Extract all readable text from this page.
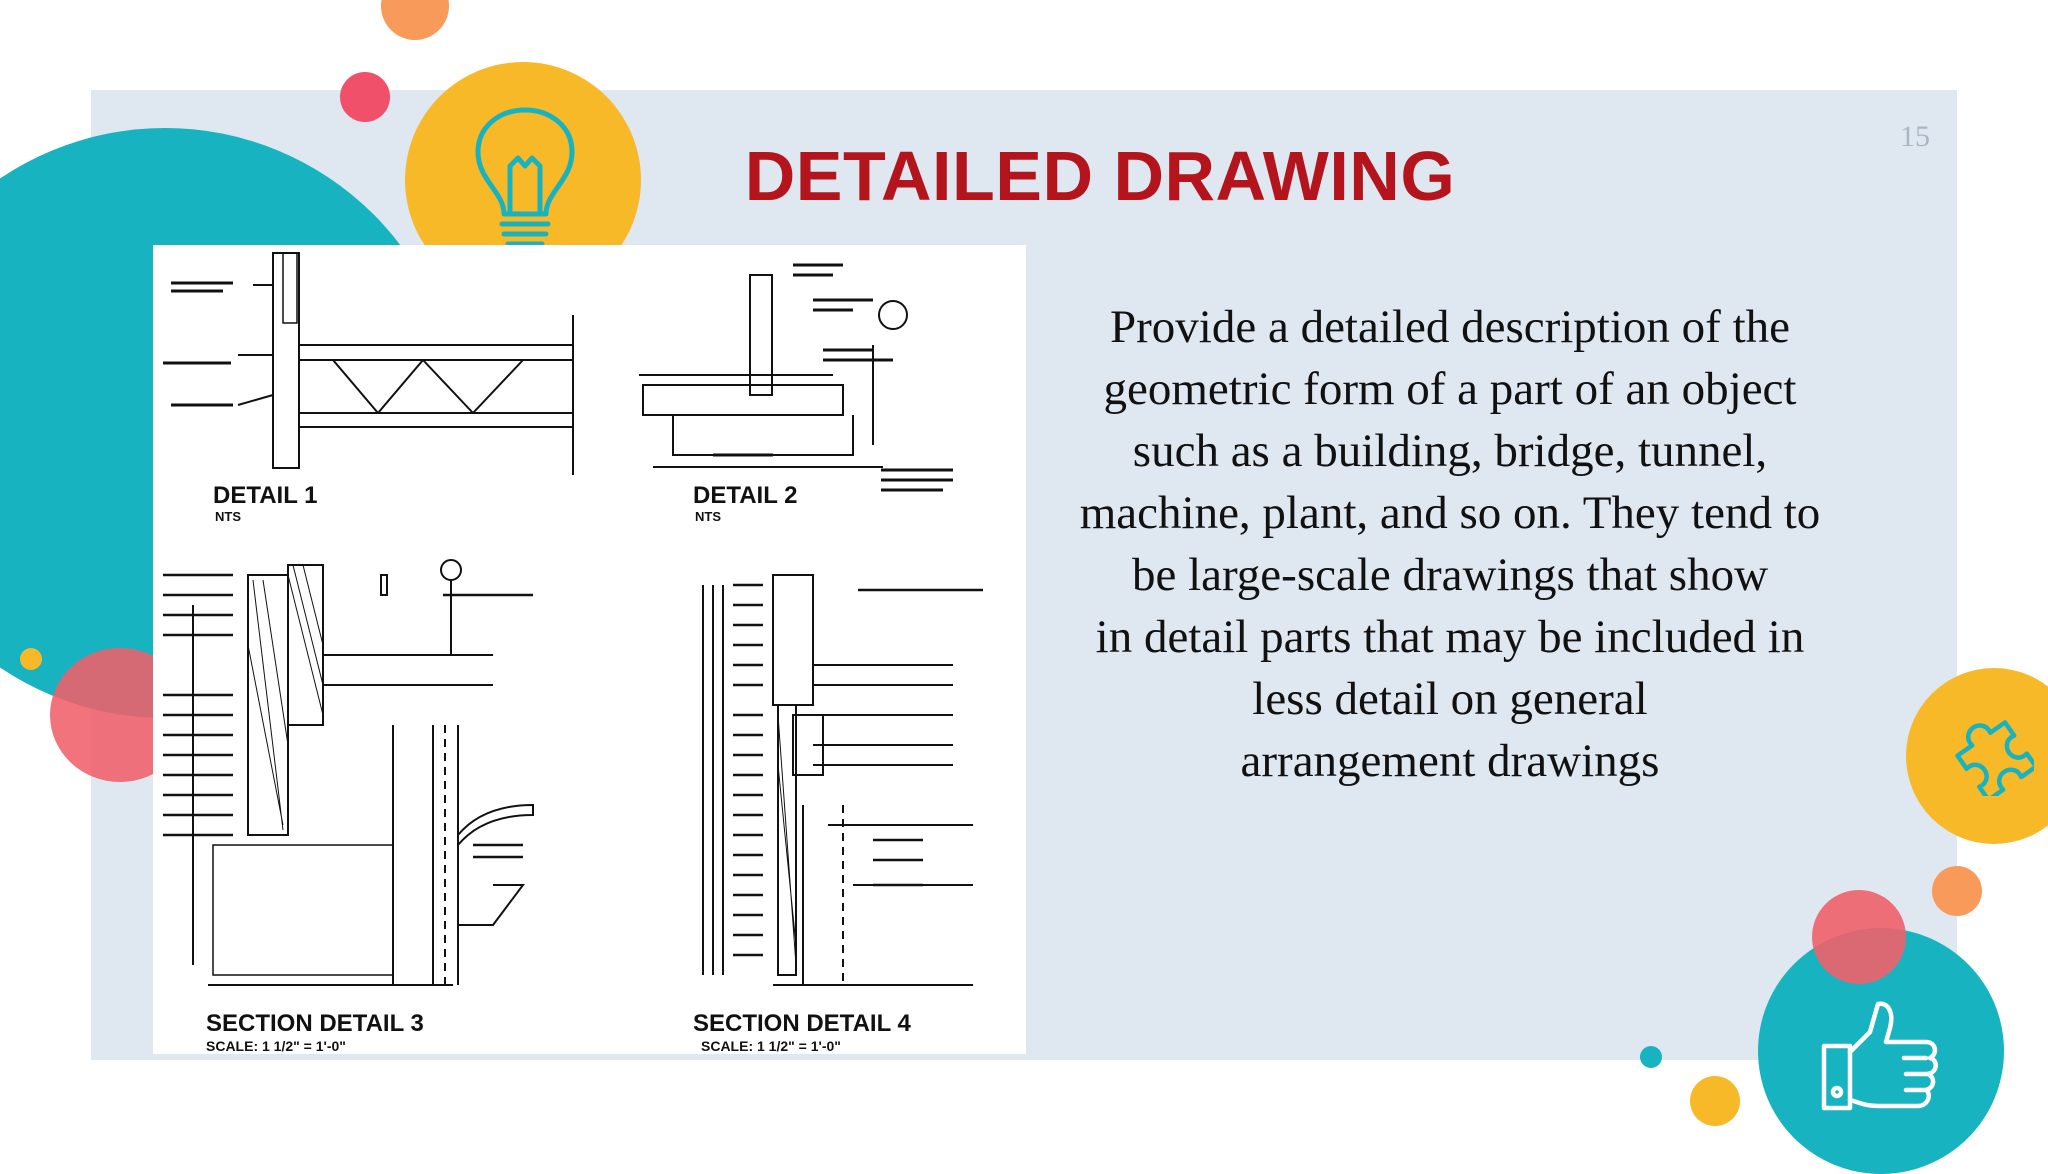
15
DETAILED DRAWING
DETAIL 1
NTS
DETAIL 2
NTS
SECTION DETAIL 3
SCALE: 1 1/2" = 1'-0"
SECTION DETAIL 4
SCALE: 1 1/2" = 1'-0"
Provide a detailed description of the
geometric form of a part of an object
such as a building, bridge, tunnel,
machine, plant, and so on. They tend to
be large-scale drawings that show
in detail parts that may be included in
less detail on general
arrangement drawings
